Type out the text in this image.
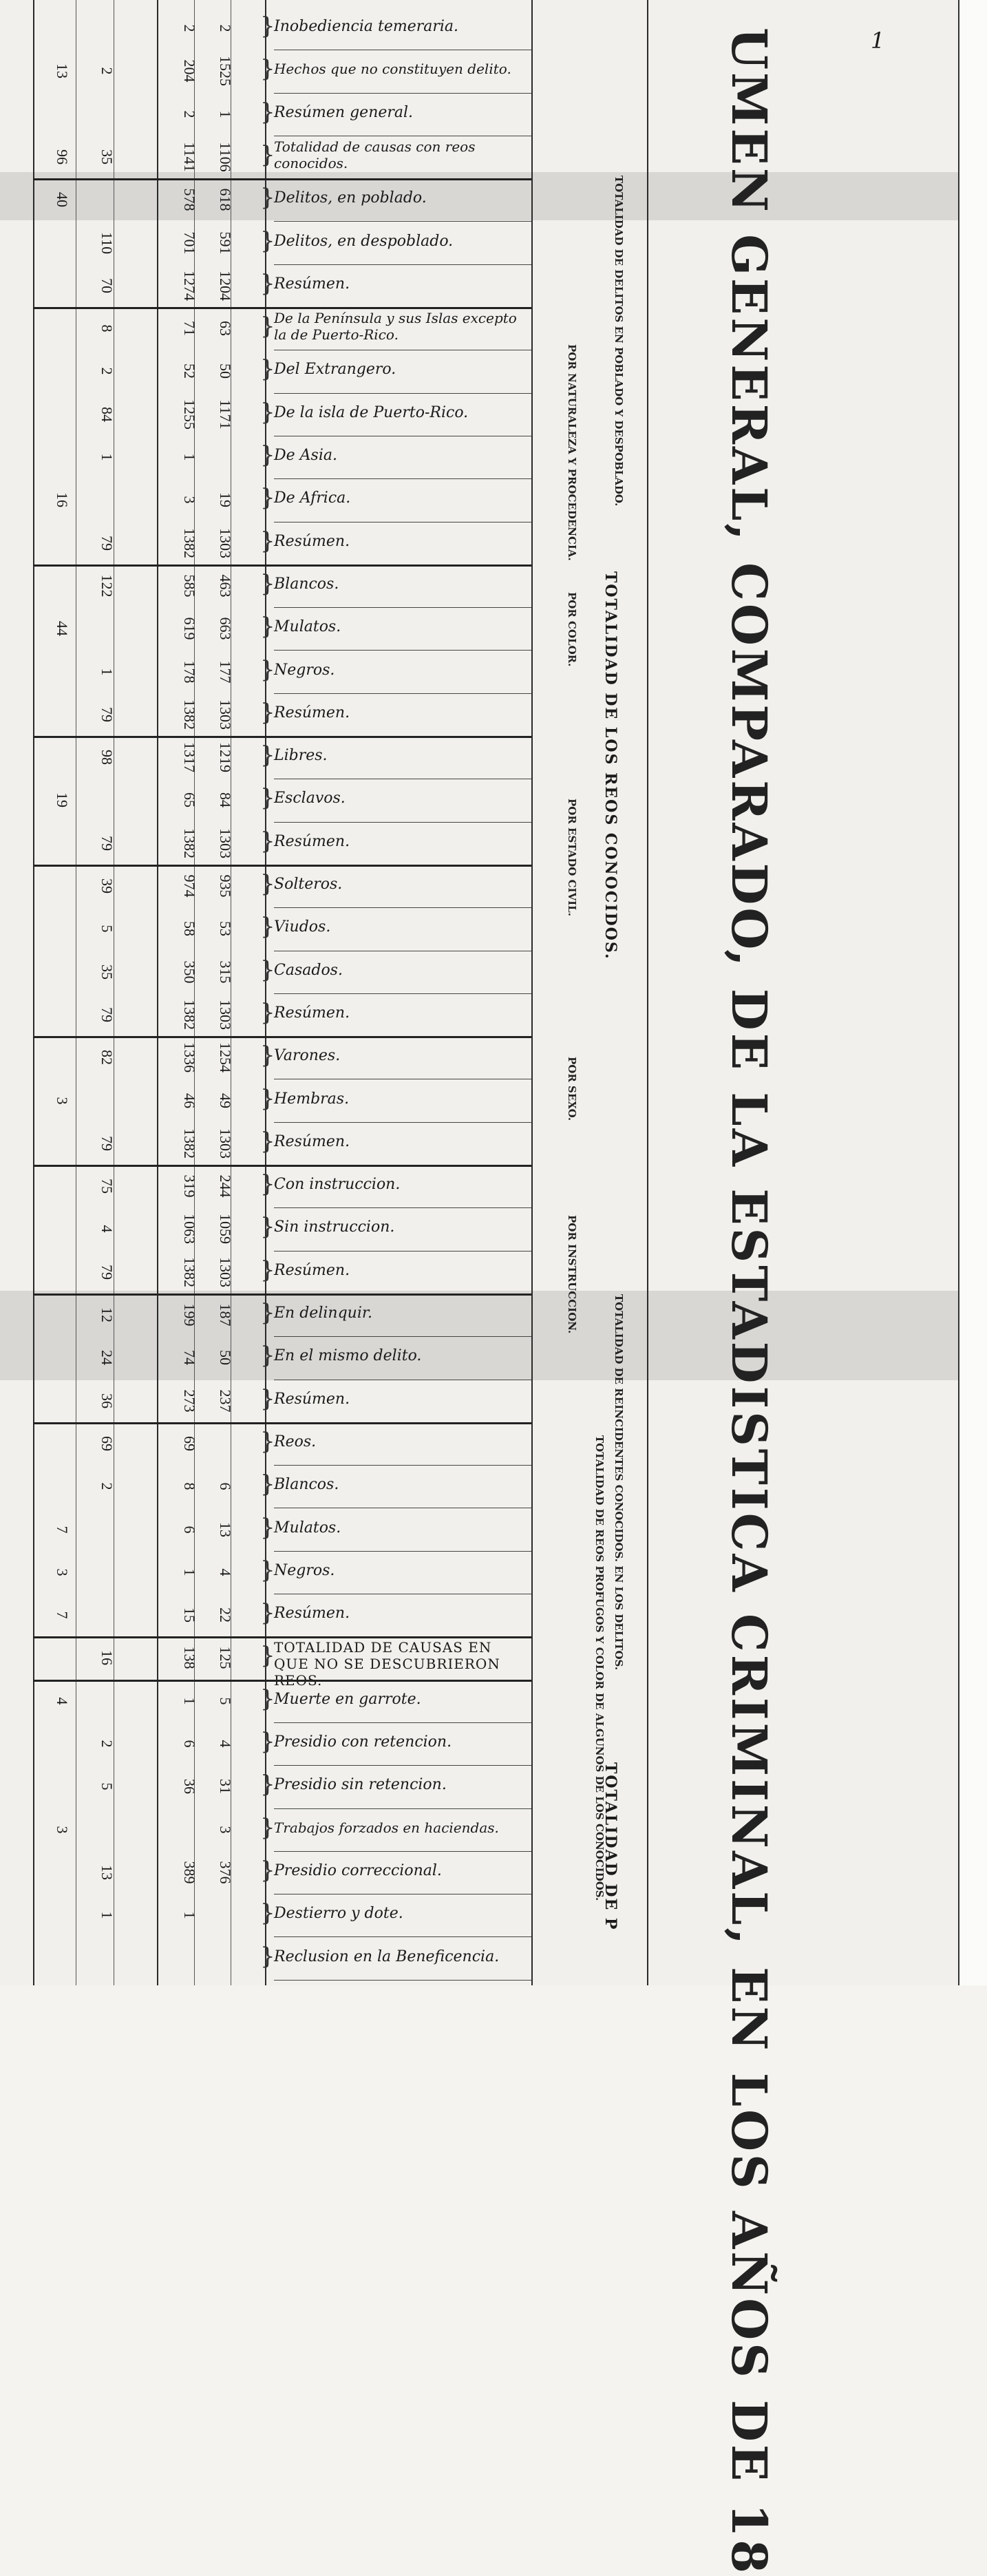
}
Inobediencia temeraria.
2 2
}
Hechos que no constituyen delito.
204 1525
2
13
}
Resúmen general.
2 1
}
Totalidad de causas con reos conocidos.
1141 1106
35
96
}
Delitos, en poblado.
578 618
40
}
Delitos, en despoblado.
701 591
110
}
Resúmen.
1274 1204
70
}
De la Península y sus Islas excepto la de Puerto-Rico.
71 63
8
}
Del Extrangero.
52 50
2
}
De la isla de Puerto-Rico.
1255 1171
84
}
De Asia.
1
1
}
De Africa.
3 19
16
}
Resúmen.
1382 1303
79
}
Blancos.
585 463
122
}
Mulatos.
619 663
44
}
Negros.
178 177
1
}
Resúmen.
1382 1303
79
}
Libres.
1317 1219
98
}
Esclavos.
65 84
19
}
Resúmen.
1382 1303
79
}
Solteros.
974 935
39
}
Viudos.
58 53
5
}
Casados.
350 315
35
}
Resúmen.
1382 1303
79
}
Varones.
1336 1254
82
}
Hembras.
46 49
3
}
Resúmen.
1382 1303
79
}
Con instruccion.
319 244
75
}
Sin instruccion.
1063 1059
4
}
Resúmen.
1382 1303
79
}
En delinquir.
199 187
12
}
En el mismo delito.
74 50
24
}
Resúmen.
273 237
36
}
Reos.
69
69
}
Blancos.
8 6
2
}
Mulatos.
6 13
7
}
Negros.
1 4
3
}
Resúmen.
15 22
7
}
TOTALIDAD DE CAUSAS EN QUE NO SE DESCUBRIERON REOS.
138 125
16
}
Muerte en garrote.
1 5
4
}
Presidio con retencion.
6 4
2
}
Presidio sin retencion.
36 31
5
}
Trabajos forzados en haciendas.
3
3
}
Presidio correccional.
389 376
13
}
Destierro y dote.
1
1
}
Reclusion en la Beneficencia.
TOTALIDAD DE DELITOS EN POBLADO Y DESPOBLADO.
POR NATURALEZA Y PROCEDENCIA.
POR COLOR.
POR ESTADO CIVIL.
POR SEXO.
POR INSTRUCCION.
TOTALIDAD DE LOS REOS CONOCIDOS.
TOTALIDAD DE REINCIDENTES CONOCIDOS. EN LOS DELITOS.
TOTALIDAD DE REOS PROFUGOS Y COLOR DE ALGUNOS DE LOS CONOCIDOS.
TOTALIDAD DE P UMEN GENERAL, COMPARADO, DE LA ESTADISTICA CRIMINAL, EN LOS AÑOS DE 18	1
